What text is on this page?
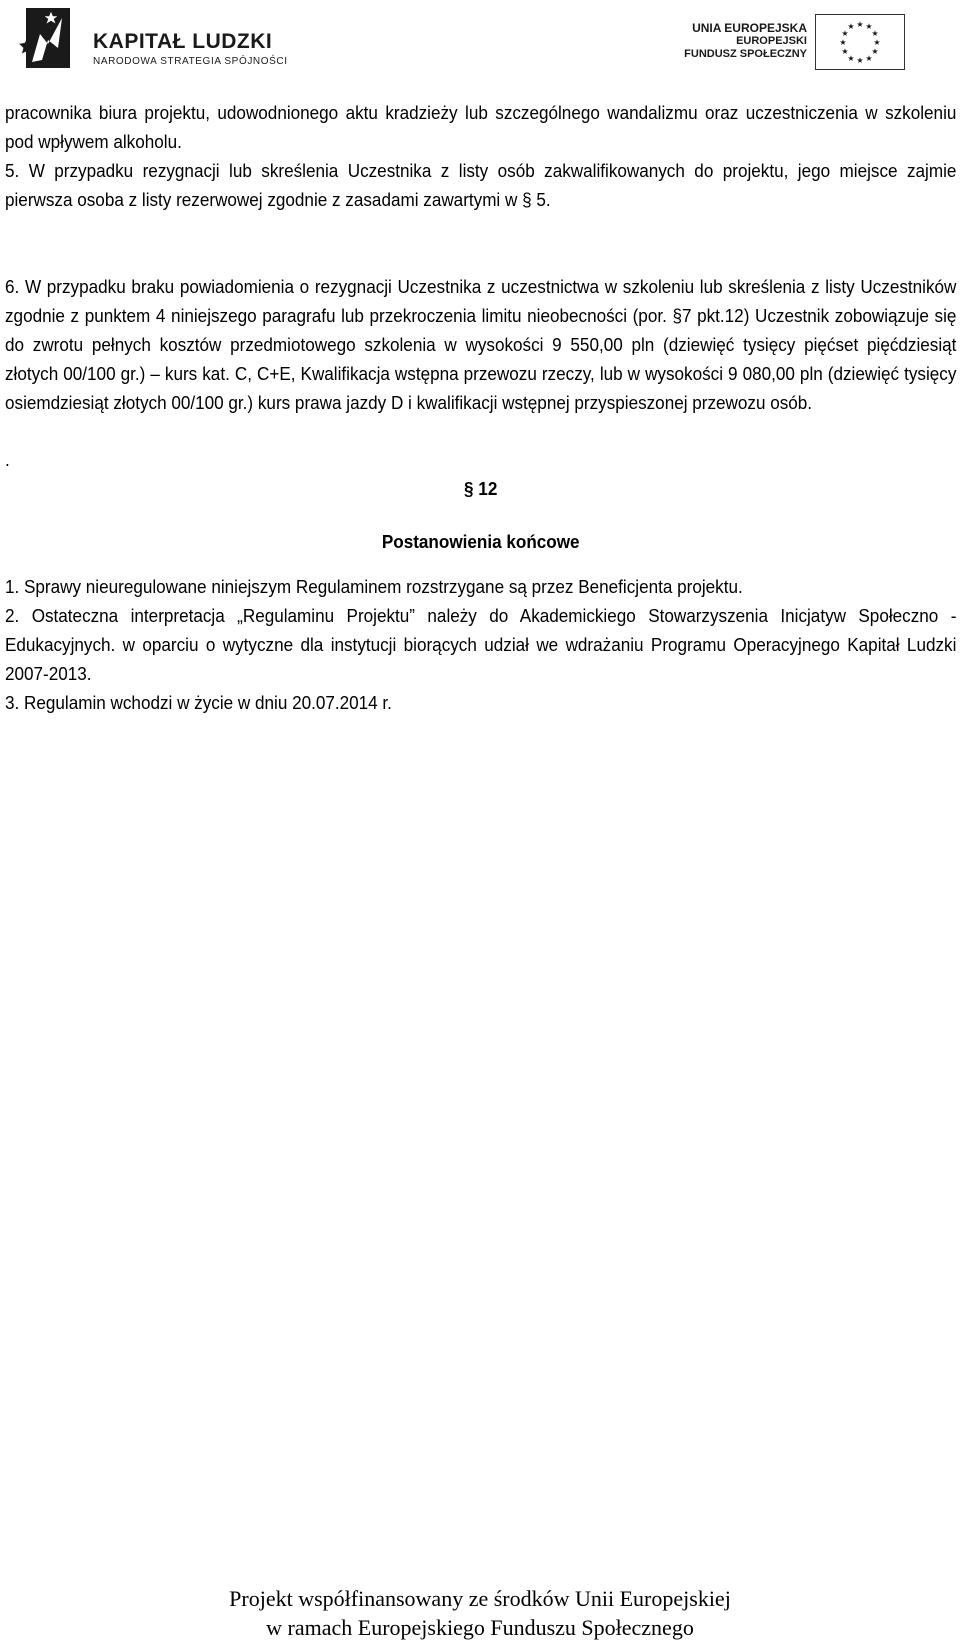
KAPITAŁ LUDZKI
NARODOWA STRATEGIA SPÓJNOŚCI
UNIA EUROPEJSKA
EUROPEJSKI
FUNDUSZ SPOŁECZNY
★ ★
★
★
★
★
★
★
★
★
★
★

pracownika biura projektu, udowodnionego aktu kradzieży lub szczególnego wandalizmu oraz uczestniczenia w szkoleniu pod wpływem alkoholu.

5. W przypadku rezygnacji lub skreślenia Uczestnika z listy osób zakwalifikowanych do projektu, jego miejsce zajmie pierwsza osoba z listy rezerwowej zgodnie z zasadami zawartymi w § 5.

6. W przypadku braku powiadomienia o rezygnacji Uczestnika z uczestnictwa w szkoleniu lub skreślenia z listy Uczestników zgodnie z punktem 4 niniejszego paragrafu lub przekroczenia limitu nieobecności (por. §7 pkt.12) Uczestnik zobowiązuje się do zwrotu pełnych kosztów przedmiotowego szkolenia w wysokości 9 550,00 pln (dziewięć tysięcy pięćset pięćdziesiąt złotych 00/100 gr.) – kurs kat. C, C+E, Kwalifikacja wstępna przewozu rzeczy, lub w wysokości 9 080,00 pln (dziewięć tysięcy osiemdziesiąt złotych 00/100 gr.) kurs prawa jazdy D i kwalifikacji wstępnej przyspieszonej przewozu osób.

.

§ 12

Postanowienia końcowe

1. Sprawy nieuregulowane niniejszym Regulaminem rozstrzygane są przez Beneficjenta projektu.

2. Ostateczna interpretacja „Regulaminu Projektu” należy do Akademickiego Stowarzyszenia Inicjatyw Społeczno - Edukacyjnych. w oparciu o wytyczne dla instytucji biorących udział we wdrażaniu Programu Operacyjnego Kapitał Ludzki 2007-2013.

3. Regulamin wchodzi w życie w dniu 20.07.2014 r.

Projekt współfinansowany ze środków Unii Europejskiej
w ramach Europejskiego Funduszu Społecznego
